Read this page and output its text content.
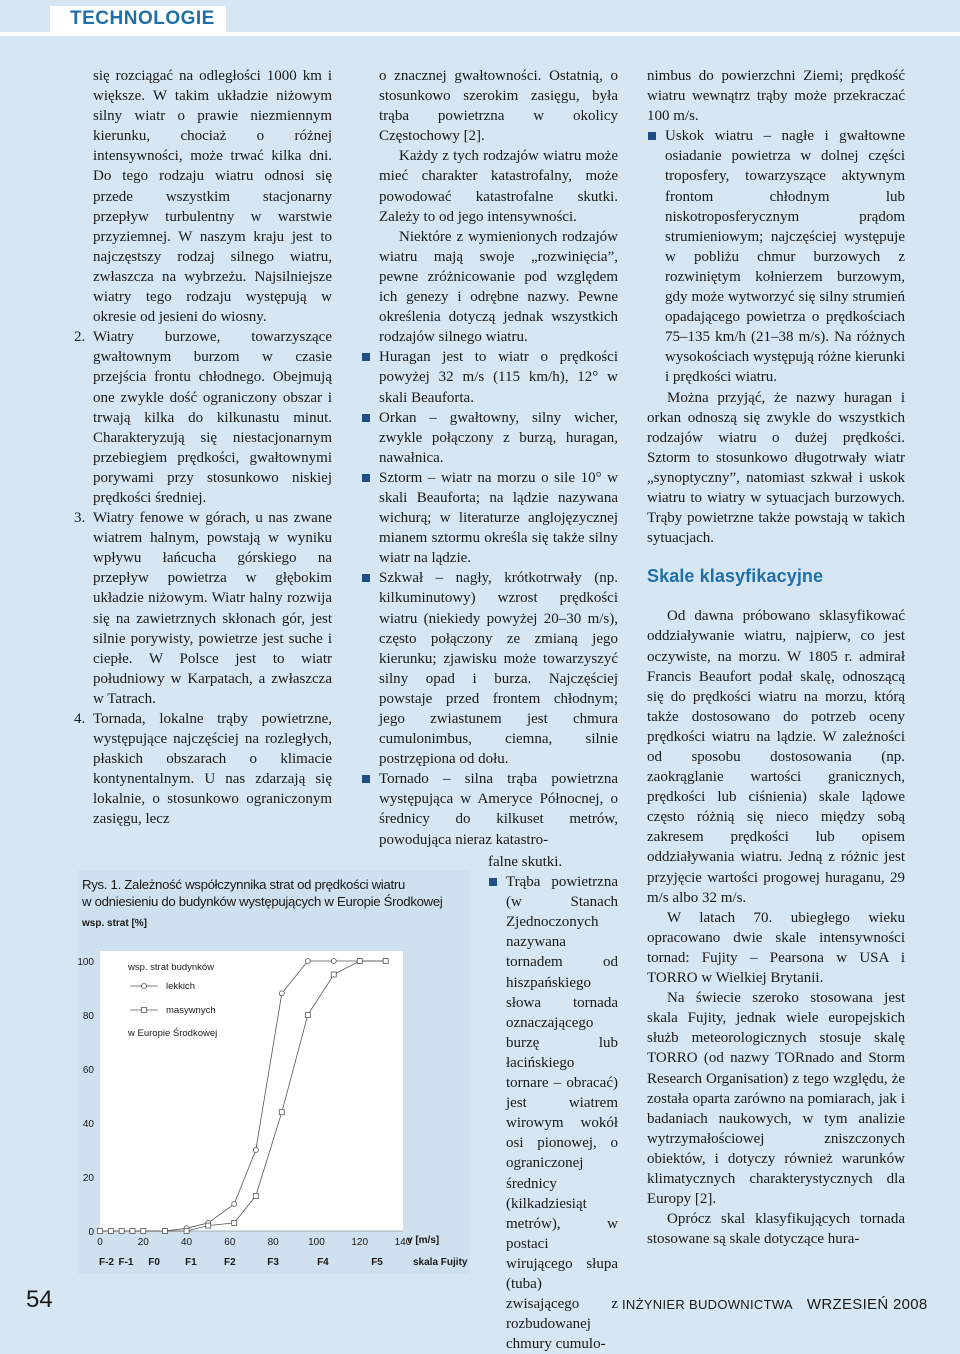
TECHNOLOGIE

się rozciągać na odległości 1000 km i większe. W takim układzie niżowym silny wiatr o prawie niezmiennym kierunku, chociaż o różnej intensywności, może trwać kilka dni. Do tego rodzaju wiatru odnosi się przede wszystkim stacjonarny przepływ turbulentny w warstwie przyziemnej. W naszym kraju jest to najczęstszy rodzaj silnego wiatru, zwłaszcza na wybrzeżu. Najsilniejsze wiatry tego rodzaju występują w okresie od jesieni do wiosny.

2. Wiatry burzowe, towarzyszące gwałtownym burzom w czasie przejścia frontu chłodnego. Obejmują one zwykle dość ograniczony obszar i trwają kilka do kilkunastu minut. Charakteryzują się niestacjonarnym przebiegiem prędkości, gwałtownymi porywami przy stosunkowo niskiej prędkości średniej.

3. Wiatry fenowe w górach, u nas zwane wiatrem halnym, powstają w wyniku wpływu łańcucha górskiego na przepływ powietrza w głębokim układzie niżowym. Wiatr halny rozwija się na zawietrznych skłonach gór, jest silnie porywisty, powietrze jest suche i ciepłe. W Polsce jest to wiatr południowy w Karpatach, a zwłaszcza w Tatrach.

4. Tornada, lokalne trąby powietrzne, występujące najczęściej na rozległych, płaskich obszarach o klimacie kontynentalnym. U nas zdarzają się lokalnie, o stosunkowo ograniczonym zasięgu, lecz

o znacznej gwałtowności. Ostatnią, o stosunkowo szerokim zasięgu, była trąba powietrzna w okolicy Częstochowy [2].

Każdy z tych rodzajów wiatru może mieć charakter katastrofalny, może powodować katastrofalne skutki. Zależy to od jego intensywności.

Niektóre z wymienionych rodzajów wiatru mają swoje „rozwinięcia”, pewne zróżnicowanie pod względem ich genezy i odrębne nazwy. Pewne określenia dotyczą jednak wszystkich rodzajów silnego wiatru.

Huragan jest to wiatr o prędkości powyżej 32 m/s (115 km/h), 12° w skali Beauforta.

Orkan – gwałtowny, silny wicher, zwykle połączony z burzą, huragan, nawałnica.

Sztorm – wiatr na morzu o sile 10° w skali Beauforta; na lądzie nazywana wichurą; w literaturze anglojęzycznej mianem sztormu określa się także silny wiatr na lądzie.

Szkwał – nagły, krótkotrwały (np. kilkuminutowy) wzrost prędkości wiatru (niekiedy powyżej 20–30 m/s), często połączony ze zmianą jego kierunku; zjawisku może towarzyszyć silny opad i burza. Najczęściej powstaje przed frontem chłodnym; jego zwiastunem jest chmura cumulonimbus, ciemna, silnie postrzępiona od dołu.

Tornado – silna trąba powietrzna występująca w Ameryce Północnej, o średnicy do kilkuset metrów, powodująca nieraz katastro-

falne skutki.

Trąba powietrzna (w Stanach Zjednoczonych nazywana tornadem od hiszpańskiego słowa tornada oznaczającego burzę lub łacińskiego tornare – obracać) jest wiatrem wirowym wokół osi pionowej, o ograniczonej średnicy (kilkadziesiąt metrów), w postaci wirującego słupa (tuba) zwisającego z rozbudowanej chmury cumulo-

nimbus do powierzchni Ziemi; prędkość wiatru wewnątrz trąby może przekraczać 100 m/s.

Uskok wiatru – nagłe i gwałtowne osiadanie powietrza w dolnej części troposfery, towarzyszące aktywnym frontom chłodnym lub niskotroposferycznym prądom strumieniowym; najczęściej występuje w pobliżu chmur burzowych z rozwiniętym kołnierzem burzowym, gdy może wytworzyć się silny strumień opadającego powietrza o prędkościach 75–135 km/h (21–38 m/s). Na różnych wysokościach występują różne kierunki i prędkości wiatru.

Można przyjąć, że nazwy huragan i orkan odnoszą się zwykle do wszystkich rodzajów wiatru o dużej prędkości. Sztorm to stosunkowo długotrwały wiatr „synoptyczny”, natomiast szkwał i uskok wiatru to wiatry w sytuacjach burzowych. Trąby powietrzne także powstają w takich sytuacjach.

Skale klasyfikacyjne

Od dawna próbowano sklasyfikować oddziaływanie wiatru, najpierw, co jest oczywiste, na morzu. W 1805 r. admirał Francis Beaufort podał skalę, odnoszącą się do prędkości wiatru na morzu, którą także dostosowano do potrzeb oceny prędkości wiatru na lądzie. W zależności od sposobu dostosowania (np. zaokrąglanie wartości granicznych, prędkości lub ciśnienia) skale lądowe często różnią się nieco między sobą zakresem prędkości lub opisem oddziaływania wiatru. Jedną z różnic jest przyjęcie wartości progowej huraganu, 29 m/s albo 32 m/s.

W latach 70. ubiegłego wieku opracowano dwie skale intensywności tornad: Fujity – Pearsona w USA i TORRO w Wielkiej Brytanii.

Na świecie szeroko stosowana jest skala Fujity, jednak wiele europejskich służb meteorologicznych stosuje skalę TORRO (od nazwy TORnado and Storm Research Organisation) z tego względu, że została oparta zarówno na pomiarach, jak i badaniach naukowych, w tym analizie wytrzymałościowej zniszczonych obiektów, i dotyczy również warunków klimatycznych charakterystycznych dla Europy [2].

Oprócz skal klasyfikujących tornada stosowane są skale dotyczące hura-

Rys. 1. Zależność współczynnika strat od prędkości wiatru
w odniesieniu do budynków występujących w Europie Środkowej
wsp. strat [%]
0
20
40
60
80
100
0	20	40	60	80	100	120	140
v [m/s]
F-2 F-1 F0	F1	F2	F3	F4	F5	skala Fujity
wsp. strat budynków
lekkich
masywnych
w Europie Środkowej
54	INŻYNIER BUDOWNICTWA WRZESIEŃ 2008
